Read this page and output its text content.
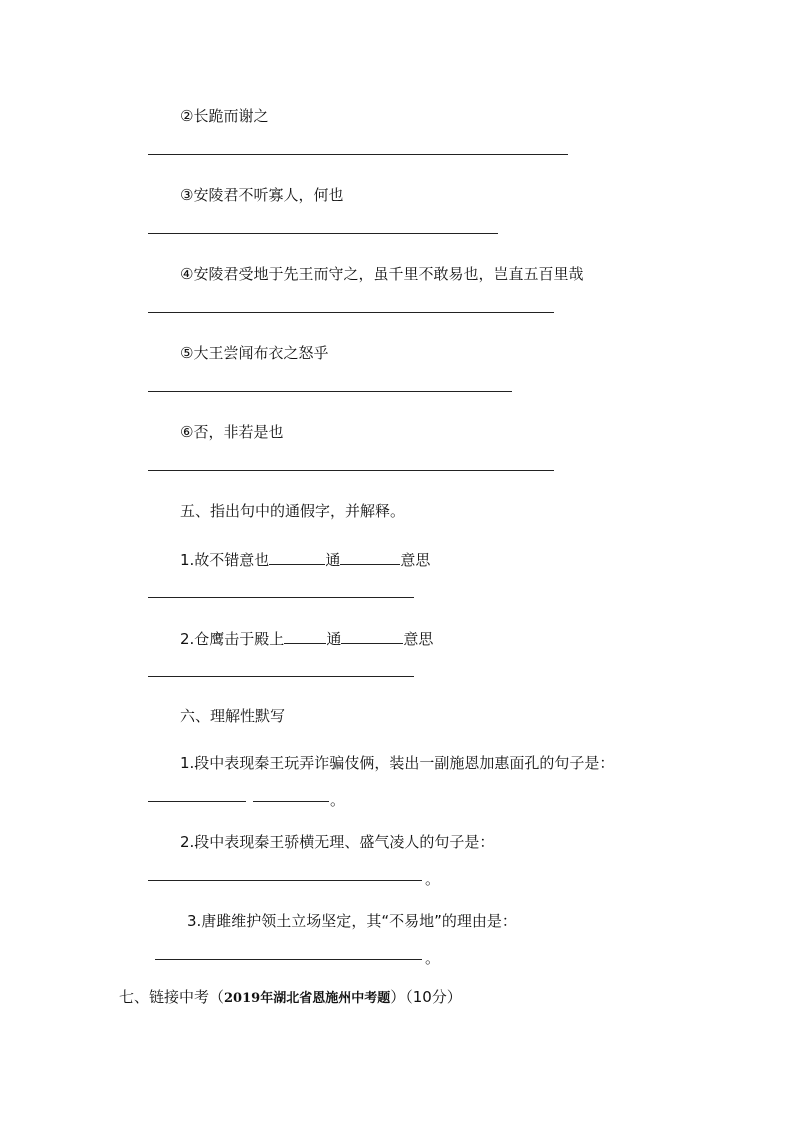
②长跪而谢之
③安陵君不听寡人，何也
④安陵君受地于先王而守之，虽千里不敢易也，岂直五百里哉
⑤大王尝闻布衣之怒乎
⑥否，非若是也
五、指出句中的通假字，并解释。
1.故不错意也	通	意思
2.仓鹰击于殿上	通	意思
六、理解性默写
1.段中表现秦王玩弄诈骗伎俩，装出一副施恩加惠面孔的句子是：
。
2.段中表现秦王骄横无理、盛气凌人的句子是：
。
3.唐雎维护领土立场坚定，其“不易地”的理由是：
。
七、链接中考（2019年湖北省恩施州中考题）（10分）
